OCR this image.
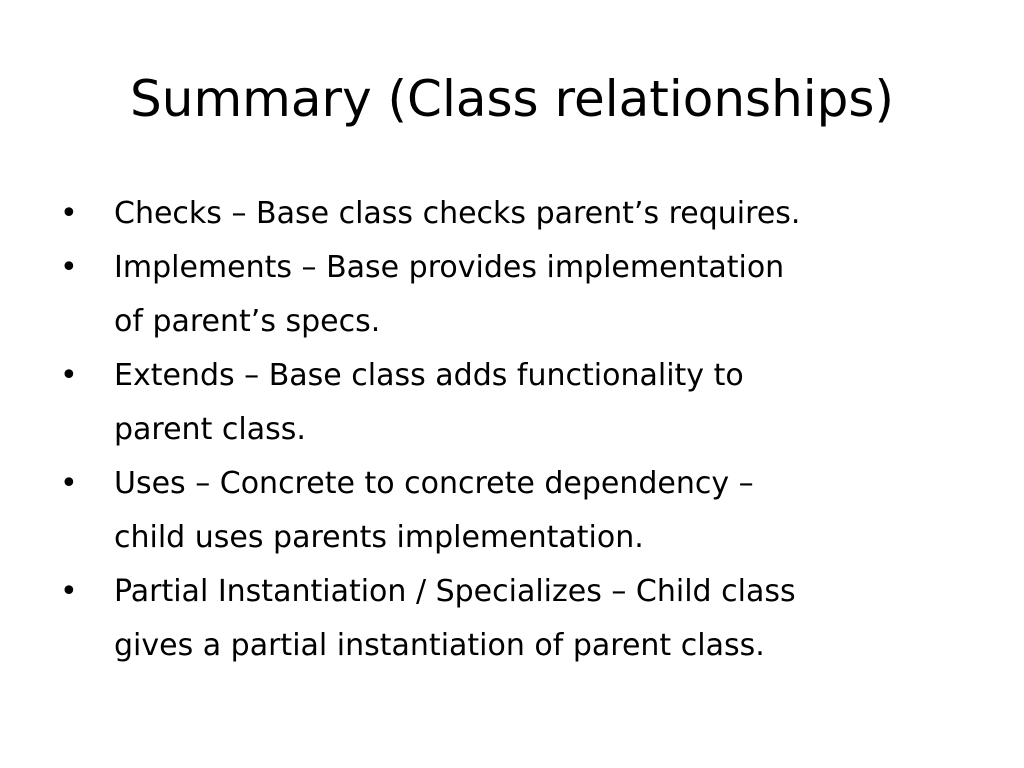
Summary (Class relationships)
•	Checks – Base class checks parent’s requires.
•	Implements – Base provides implementation
of parent’s specs.
•	Extends – Base class adds functionality to
parent class.
•	Uses – Concrete to concrete dependency –
child uses parents implementation.
•	Partial Instantiation / Specializes – Child class
gives a partial instantiation of parent class.
